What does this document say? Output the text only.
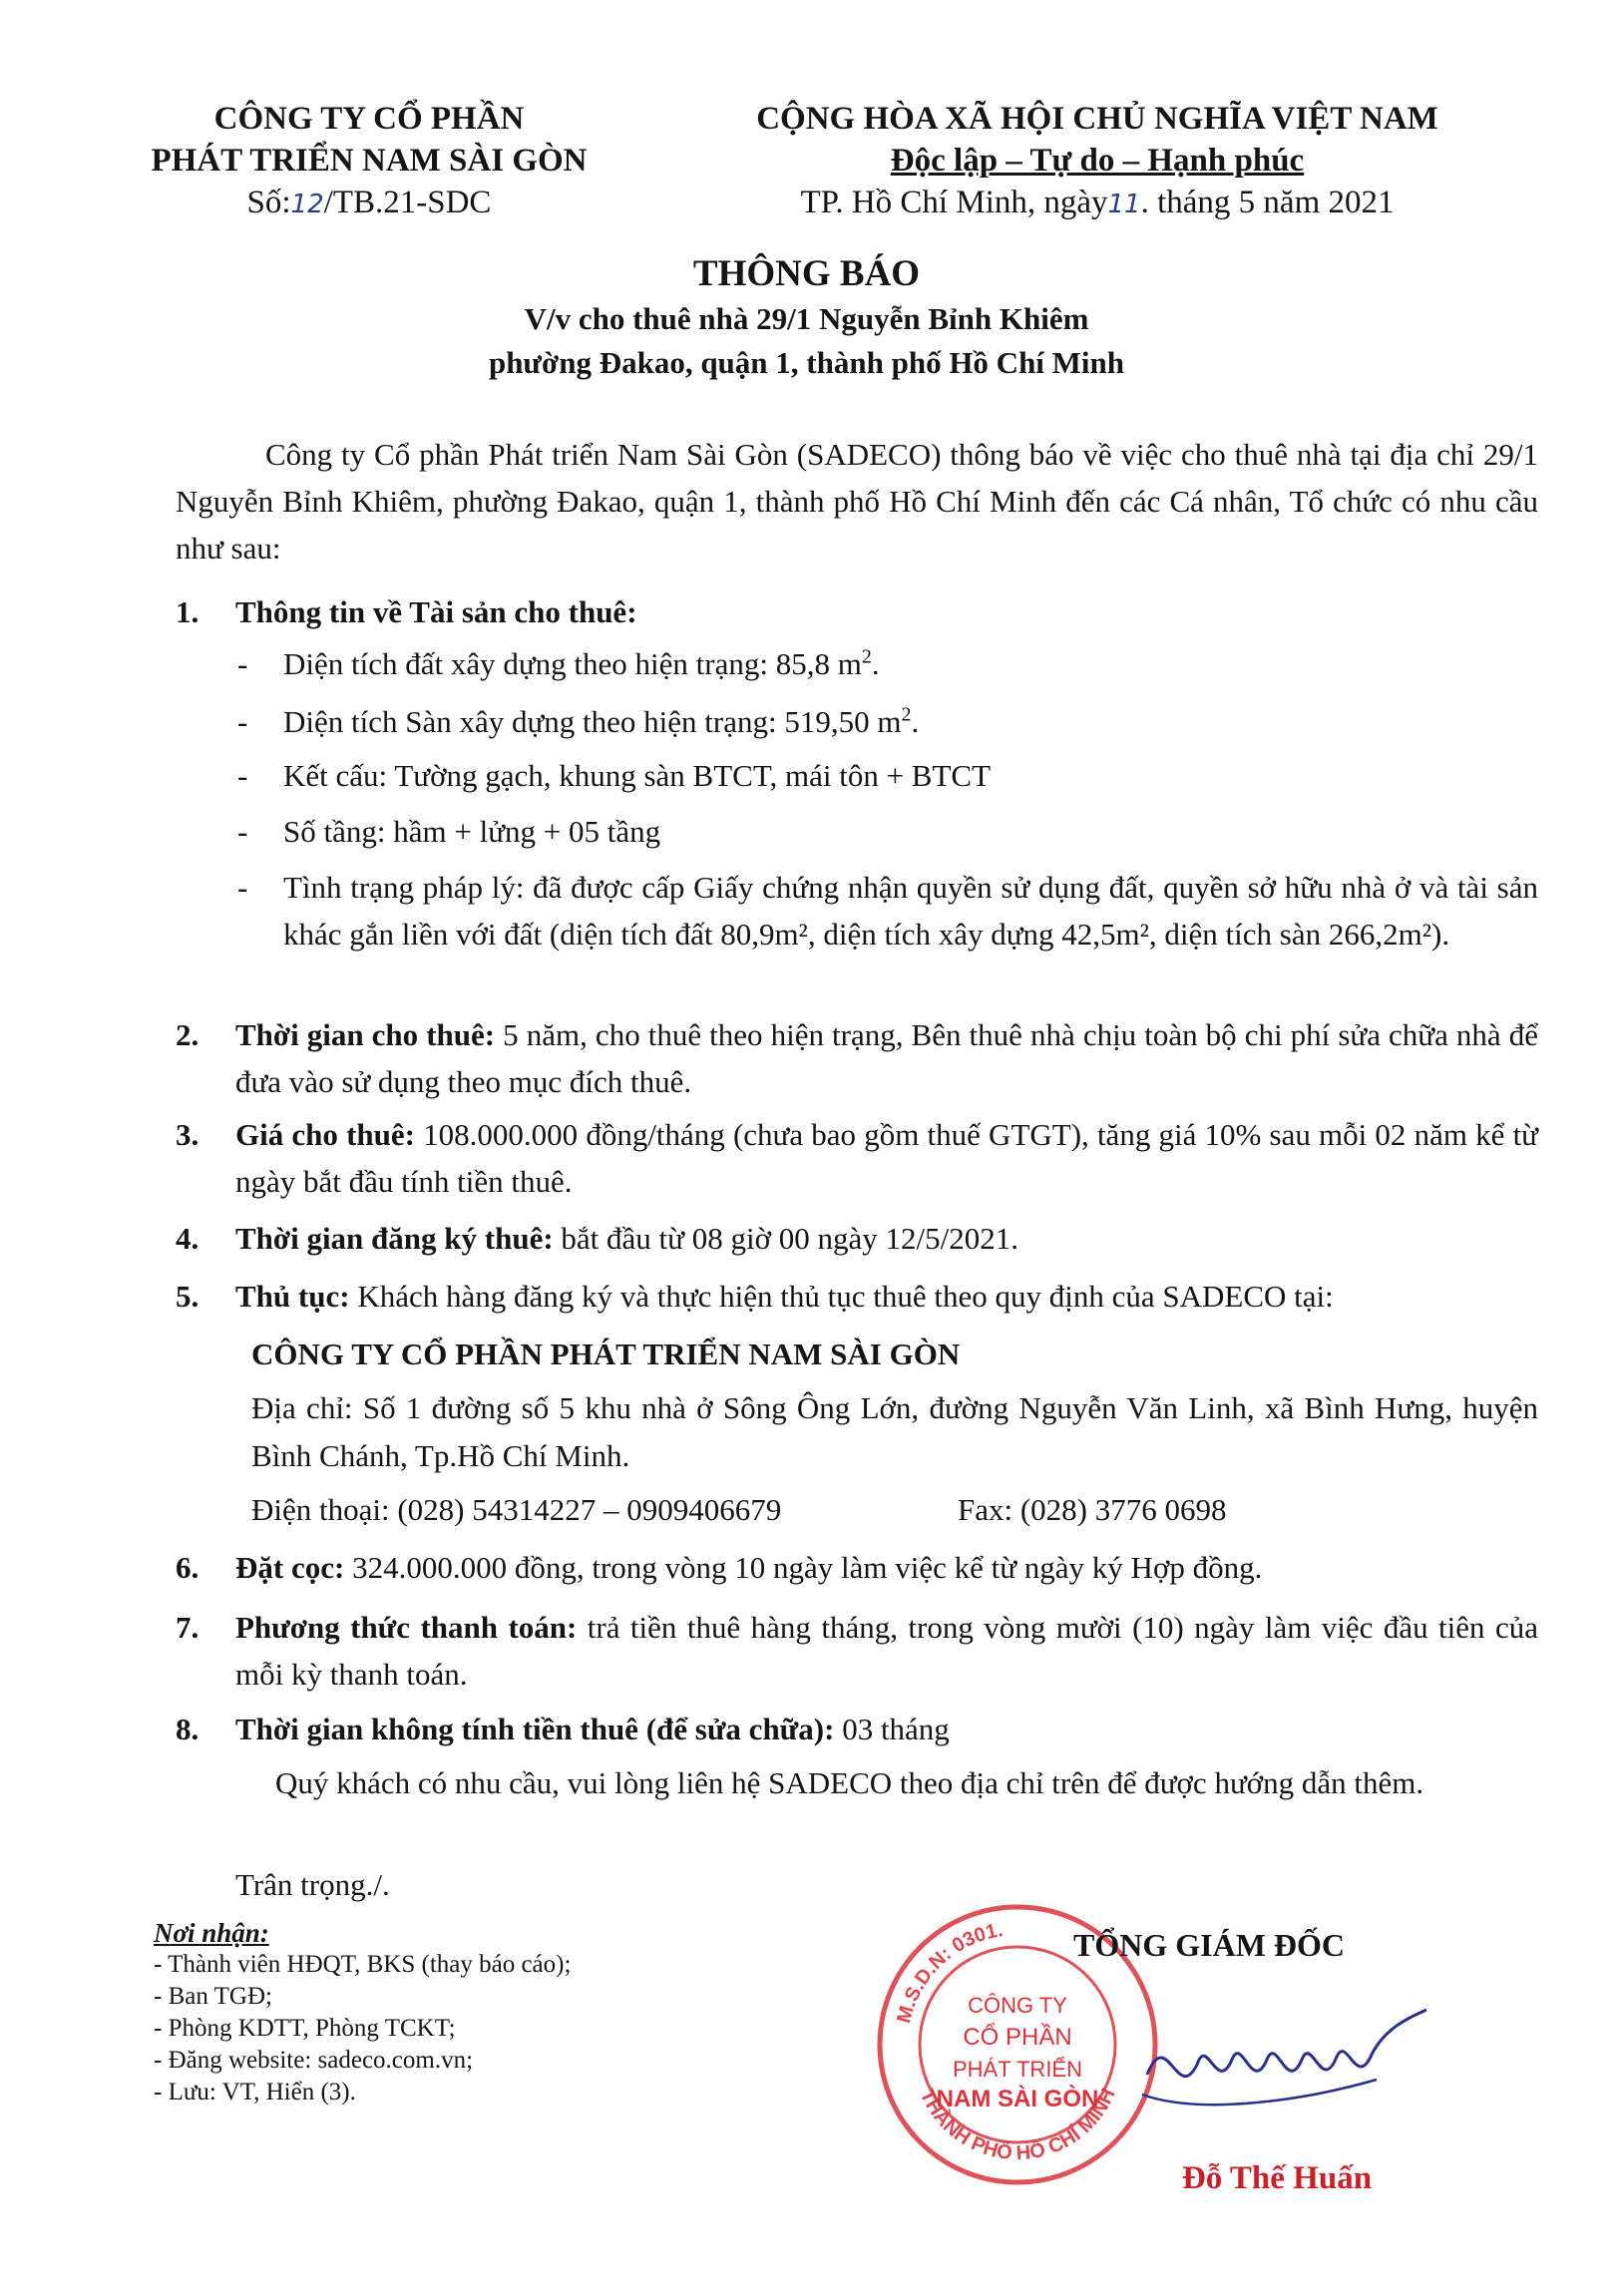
CÔNG TY CỔ PHẦN
PHÁT TRIỂN NAM SÀI GÒN
Số:12/TB.21-SDC
CỘNG HÒA XÃ HỘI CHỦ NGHĨA VIỆT NAM
Độc lập – Tự do – Hạnh phúc
TP. Hồ Chí Minh, ngày11. tháng 5 năm 2021
THÔNG BÁO
V/v cho thuê nhà 29/1 Nguyễn Bỉnh Khiêm
phường Đakao, quận 1, thành phố Hồ Chí Minh
Công ty Cổ phần Phát triển Nam Sài Gòn (SADECO) thông báo về việc cho thuê nhà tại địa chỉ 29/1 Nguyễn Bỉnh Khiêm, phường Đakao, quận 1, thành phố Hồ Chí Minh đến các Cá nhân, Tổ chức có nhu cầu như sau:
1.	Thông tin về Tài sản cho thuê:
- Diện tích đất xây dựng theo hiện trạng: 85,8 $m^2$.
- Diện tích Sàn xây dựng theo hiện trạng: 519,50 $m^2$.
- Kết cấu: Tường gạch, khung sàn BTCT, mái tôn + BTCT
- Số tầng: hầm + lửng + 05 tầng
- Tình trạng pháp lý: đã được cấp Giấy chứng nhận quyền sử dụng đất, quyền sở hữu nhà ở và tài sản khác gắn liền với đất (diện tích đất 80,9m², diện tích xây dựng 42,5m², diện tích sàn 266,2m²).
2.	Thời gian cho thuê: 5 năm, cho thuê theo hiện trạng, Bên thuê nhà chịu toàn bộ chi phí sửa chữa nhà để đưa vào sử dụng theo mục đích thuê.
3.	Giá cho thuê: 108.000.000 đồng/tháng (chưa bao gồm thuế GTGT), tăng giá 10% sau mỗi 02 năm kể từ ngày bắt đầu tính tiền thuê.
4.	Thời gian đăng ký thuê: bắt đầu từ 08 giờ 00 ngày 12/5/2021.
5.	Thủ tục: Khách hàng đăng ký và thực hiện thủ tục thuê theo quy định của SADECO tại:
CÔNG TY CỔ PHẦN PHÁT TRIỂN NAM SÀI GÒN
Địa chỉ: Số 1 đường số 5 khu nhà ở Sông Ông Lớn, đường Nguyễn Văn Linh, xã Bình Hưng, huyện Bình Chánh, Tp.Hồ Chí Minh.
Điện thoại: (028) 54314227 – 0909406679	Fax: (028) 3776 0698
6.	Đặt cọc: 324.000.000 đồng, trong vòng 10 ngày làm việc kể từ ngày ký Hợp đồng.
7.	Phương thức thanh toán: trả tiền thuê hàng tháng, trong vòng mười (10) ngày làm việc đầu tiên của mỗi kỳ thanh toán.
8.	Thời gian không tính tiền thuê (để sửa chữa): 03 tháng
Quý khách có nhu cầu, vui lòng liên hệ SADECO theo địa chỉ trên để được hướng dẫn thêm.
Trân trọng./.
Nơi nhận:
- Thành viên HĐQT, BKS (thay báo cáo);
- Ban TGĐ;
- Phòng KDTT, Phòng TCKT;
- Đăng website: sadeco.com.vn;
- Lưu: VT, Hiển (3).
M.S.D.N: 0301.
THÀNH PHỐ HỒ CHÍ MINH
CÔNG TY
CỔ PHẦN
PHÁT TRIỂN
NAM SÀI GÒN
TỔNG GIÁM ĐỐC
Đỗ Thế Huấn
